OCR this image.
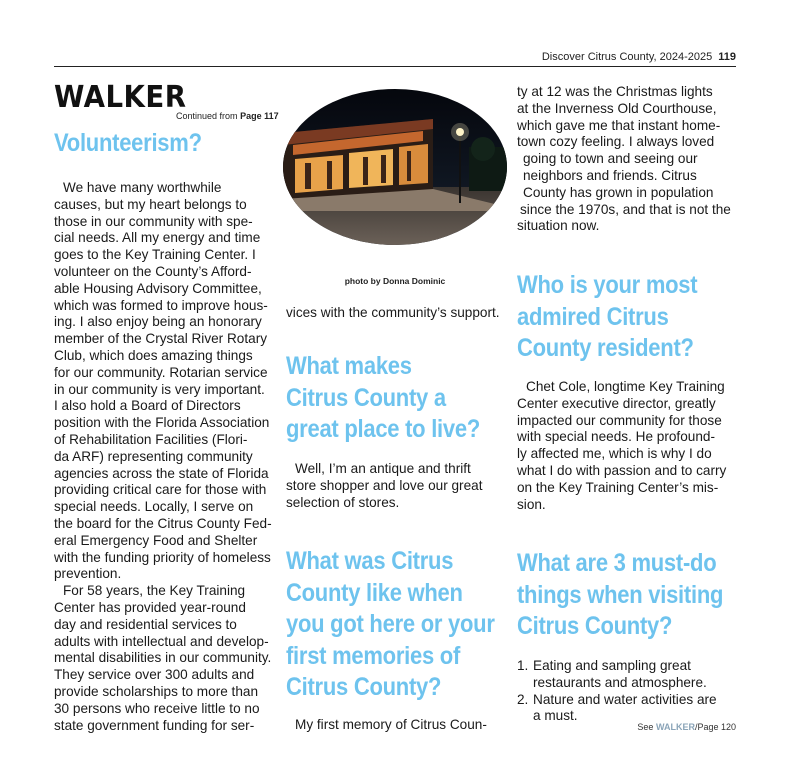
Discover Citrus County, 2024-2025 119
WALKER
Continued from Page 117
Volunteerism?

We have many worthwhile
causes, but my heart belongs to
those in our community with spe-
cial needs. All my energy and time
goes to the Key Training Center. I
volunteer on the County’s Afford-
able Housing Advisory Committee,
which was formed to improve hous-
ing. I also enjoy being an honorary
member of the Crystal River Rotary
Club, which does amazing things
for our community. Rotarian service
in our community is very important.
I also hold a Board of Directors
position with the Florida Association
of Rehabilitation Facilities (Flori-
da ARF) representing community
agencies across the state of Florida
providing critical care for those with
special needs. Locally, I serve on
the board for the Citrus County Fed-
eral Emergency Food and Shelter
with the funding priority of homeless
prevention.

For 58 years, the Key Training
Center has provided year-round
day and residential services to
adults with intellectual and develop-
mental disabilities in our community.
They service over 300 adults and
provide scholarships to more than
30 persons who receive little to no
state government funding for ser-

photo by Donna Dominic
vices with the community’s support.
What makes
Citrus County a
great place to live?
Well, I’m an antique and thrift
store shopper and love our great
selection of stores.
What was Citrus
County like when
you got here or your
first memories of
Citrus County?
My first memory of Citrus Coun-
ty at 12 was the Christmas lights
at the Inverness Old Courthouse,
which gave me that instant home-
town cozy feeling. I always loved
going to town and seeing our
neighbors and friends. Citrus
County has grown in population
since the 1970s, and that is not the
situation now.
Who is your most
admired Citrus
County resident?
Chet Cole, longtime Key Training
Center executive director, greatly
impacted our community for those
with special needs. He profound-
ly affected me, which is why I do
what I do with passion and to carry
on the Key Training Center’s mis-
sion.
What are 3 must-do
things when visiting
Citrus County?
1. Eating and sampling great
restaurants and atmosphere.
2. Nature and water activities are
a must.
See WALKER/Page 120
